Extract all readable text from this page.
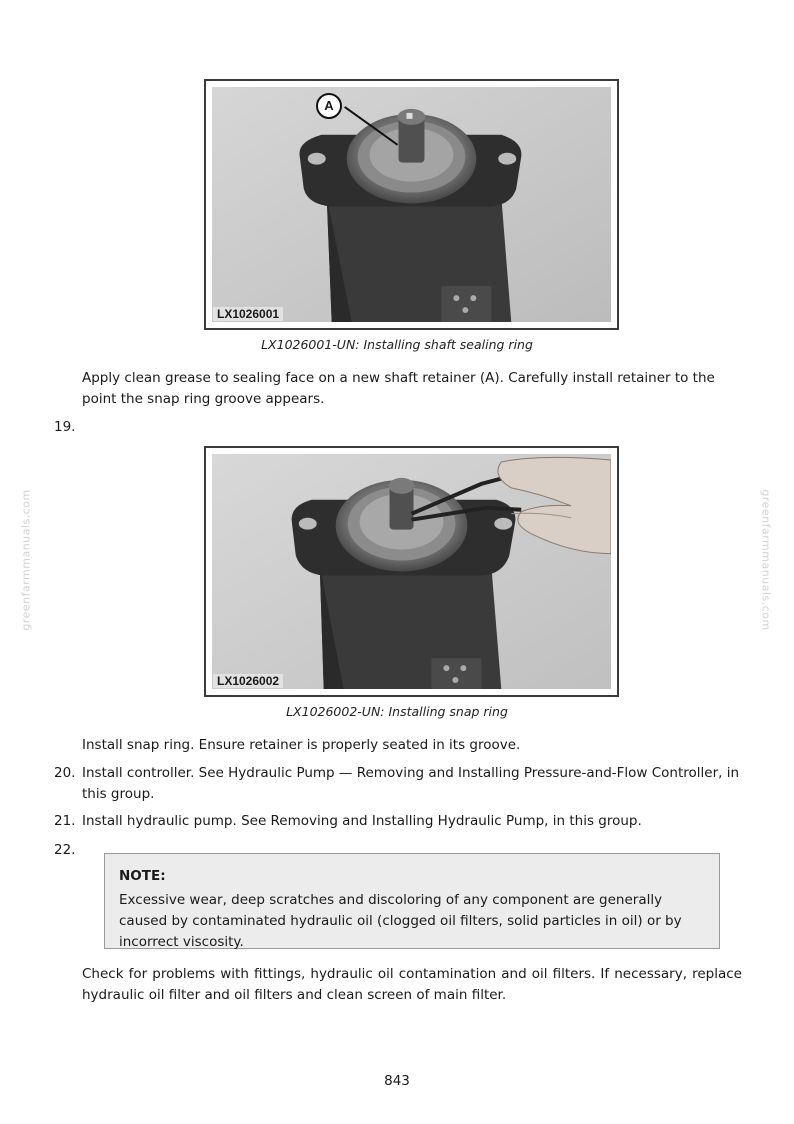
A
LX1026001
LX1026001-UN: Installing shaft sealing ring
Apply clean grease to sealing face on a new shaft retainer (A). Carefully install retainer to the point the snap ring groove appears.
19.
LX1026002
LX1026002-UN: Installing snap ring
Install snap ring. Ensure retainer is properly seated in its groove.
20. Install controller. See Hydraulic Pump — Removing and Installing Pressure-and-Flow Controller, in this group.
21. Install hydraulic pump. See Removing and Installing Hydraulic Pump, in this group.
22.
NOTE:
Excessive wear, deep scratches and discoloring of any component are generally caused by contaminated hydraulic oil (clogged oil filters, solid particles in oil) or by incorrect viscosity.
Check for problems with fittings, hydraulic oil contamination and oil filters. If necessary, replace hydraulic oil filter and oil filters and clean screen of main filter.
843
greenfarmmanuals.com	greenfarmmanuals.com
